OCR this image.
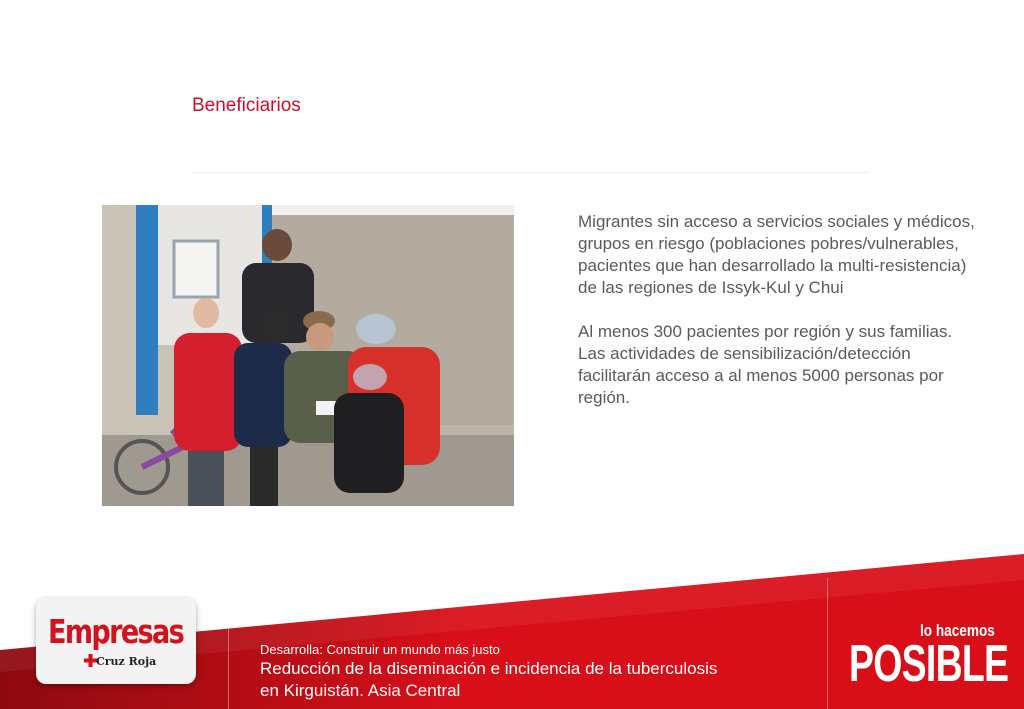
Beneficiarios

Migrantes sin acceso a servicios sociales y médicos, grupos en riesgo (poblaciones pobres/vulnerables, pacientes que han desarrollado la multi-resistencia) de las regiones de Issyk-Kul y Chui

Al menos 300 pacientes por región y sus familias. Las actividades de sensibilización/detección facilitarán acceso a al menos 5000 personas por región.

Empresas
Cruz Roja
Desarrolla: Construir un mundo más justo
Reducción de la diseminación e incidencia de la tuberculosis
en Kirguistán. Asia Central
lo hacemos
POSIBLE
